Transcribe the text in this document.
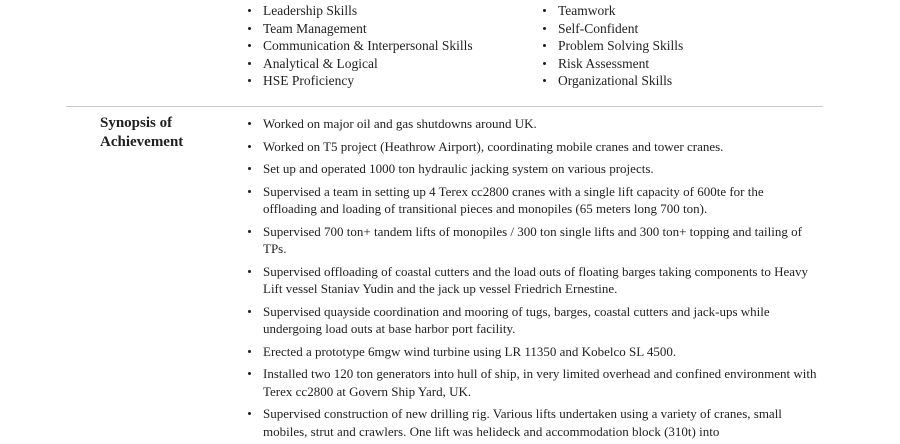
Leadership Skills
Team Management
Communication & Interpersonal Skills
Analytical & Logical
HSE Proficiency
Teamwork
Self-Confident
Problem Solving Skills
Risk Assessment
Organizational Skills
Synopsis of Achievement
Worked on major oil and gas shutdowns around UK.
Worked on T5 project (Heathrow Airport), coordinating mobile cranes and tower cranes.
Set up and operated 1000 ton hydraulic jacking system on various projects.
Supervised a team in setting up 4 Terex cc2800 cranes with a single lift capacity of 600te for the offloading and loading of transitional pieces and monopiles (65 meters long 700 ton).
Supervised 700 ton+ tandem lifts of monopiles / 300 ton single lifts and 300 ton+ topping and tailing of TPs.
Supervised offloading of coastal cutters and the load outs of floating barges taking components to Heavy Lift vessel Staniav Yudin and the jack up vessel Friedrich Ernestine.
Supervised quayside coordination and mooring of tugs, barges, coastal cutters and jack-ups while undergoing load outs at base harbor port facility.
Erected a prototype 6mgw wind turbine using LR 11350 and Kobelco SL 4500.
Installed two 120 ton generators into hull of ship, in very limited overhead and confined environment with Terex cc2800 at Govern Ship Yard, UK.
Supervised construction of new drilling rig. Various lifts undertaken using a variety of cranes, small mobiles, strut and crawlers. One lift was helideck and accommodation block (310t) into
